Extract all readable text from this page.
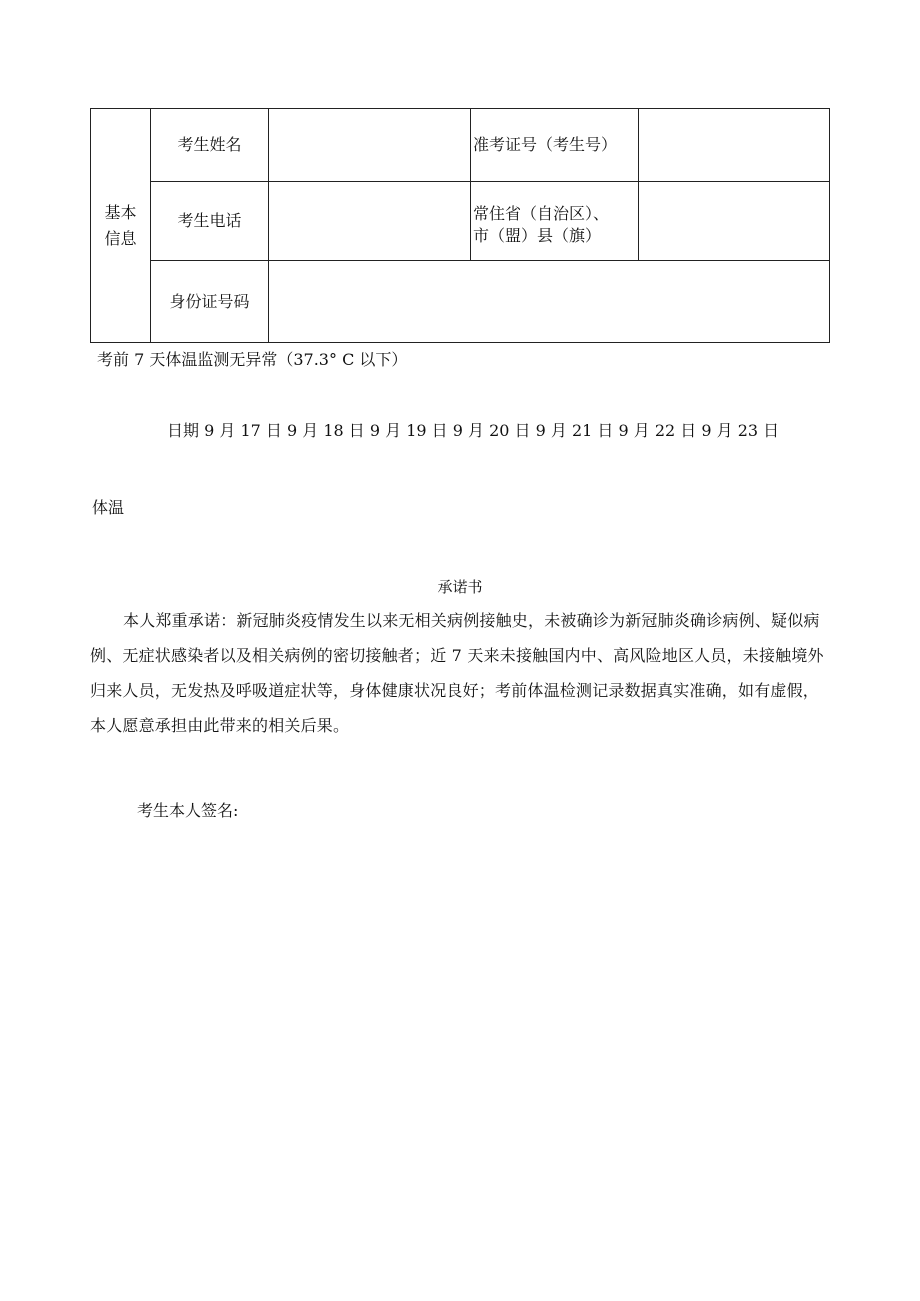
基本
信息	考生姓名		准考证号（考生号）	
	考生电话		常住省（自治区）、
市（盟）县（旗）	

	身份证号码			
考前 7 天体温监测无异常（37.3° C 以下）
日期 9 月 17 日 9 月 18 日 9 月 19 日 9 月 20 日 9 月 21 日 9 月 22 日 9 月 23 日
体温
承诺书

本人郑重承诺：新冠肺炎疫情发生以来无相关病例接触史，未被确诊为新冠肺炎确诊病例、疑似病例、无症状感染者以及相关病例的密切接触者；近 7 天来未接触国内中、高风险地区人员，未接触境外归来人员，无发热及呼吸道症状等，身体健康状况良好；考前体温检测记录数据真实准确，如有虚假，本人愿意承担由此带来的相关后果。

考生本人签名:
